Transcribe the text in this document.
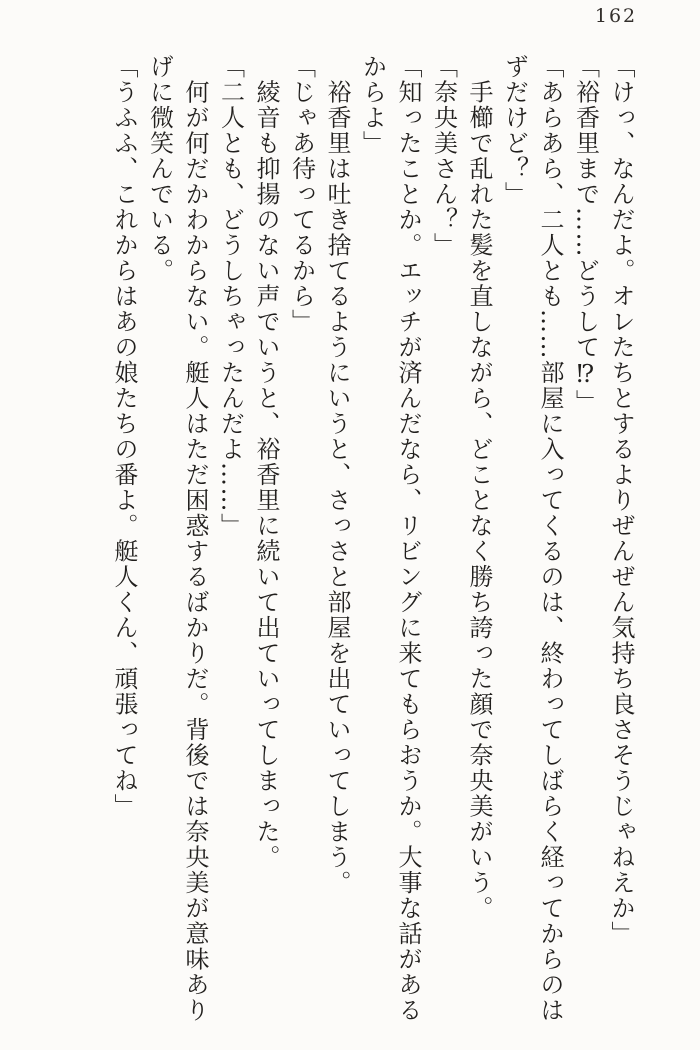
162
「けっ、なんだよ。オレたちとするよりぜんぜん気持ち良さそうじゃねえか」
「裕香里まで……どうして⁉」
「あらあら、二人とも……部屋に入ってくるのは、終わってしばらく経ってからのは
ずだけど？」
　手櫛で乱れた髪を直しながら、どことなく勝ち誇った顔で奈央美がいう。
「奈央美さん？」
「知ったことか。エッチが済んだなら、リビングに来てもらおうか。大事な話がある
からよ」
　裕香里は吐き捨てるようにいうと、さっさと部屋を出ていってしまう。
「じゃあ待ってるから」
　綾音も抑揚のない声でいうと、裕香里に続いて出ていってしまった。
「二人とも、どうしちゃったんだよ……」
　何が何だかわからない。艇人はただ困惑するばかりだ。背後では奈央美が意味あり
げに微笑んでいる。
「うふふ、これからはあの娘たちの番よ。艇人くん、頑張ってね」
